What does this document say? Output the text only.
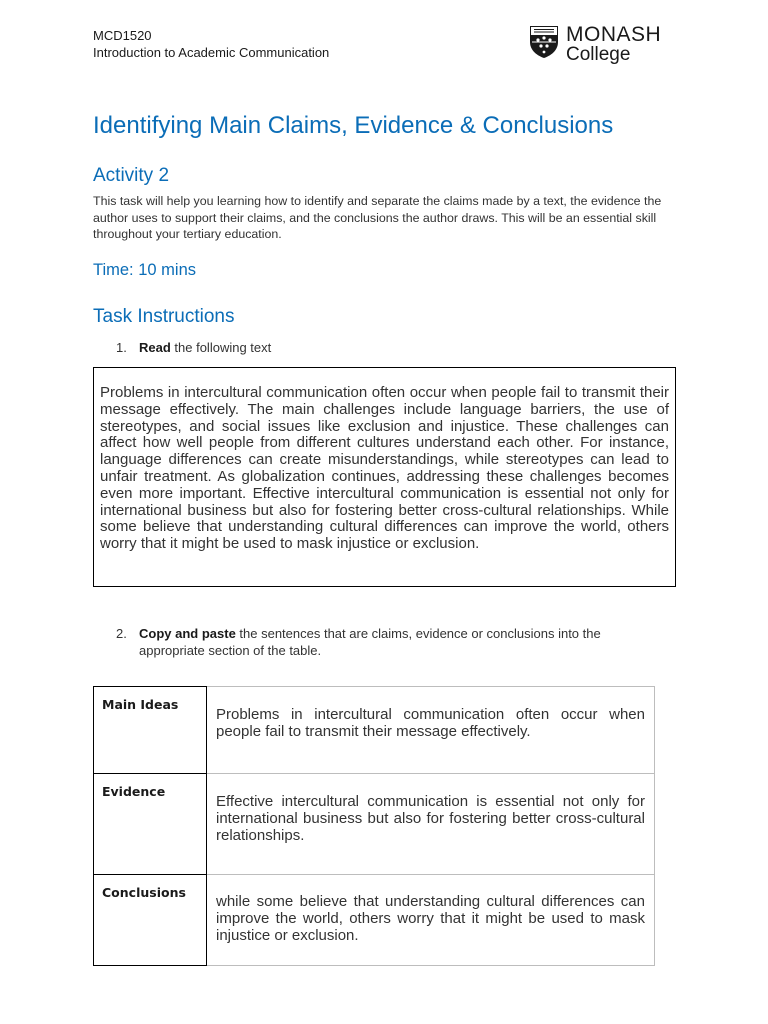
MCD1520
Introduction to Academic Communication
MONASH
College
Identifying Main Claims, Evidence & Conclusions
Activity 2

This task will help you learning how to identify and separate the claims made by a text, the evidence the author uses to support their claims, and the conclusions the author draws. This will be an essential skill throughout your tertiary education.

Time: 10 mins
Task Instructions
1. Read the following text

Problems in intercultural communication often occur when people fail to transmit their message effectively. The main challenges include language barriers, the use of stereotypes, and social issues like exclusion and injustice. These challenges can affect how well people from different cultures understand each other. For instance, language differences can create misunderstandings, while stereotypes can lead to unfair treatment. As globalization continues, addressing these challenges becomes even more important. Effective intercultural communication is essential not only for international business but also for fostering better cross-cultural relationships. While some believe that understanding cultural differences can improve the world, others worry that it might be used to mask injustice or exclusion.

2. Copy and paste the sentences that are claims, evidence or conclusions into the appropriate section of the table.
Main Ideas	Problems in intercultural communication often occur when people fail to transmit their message effectively.

Evidence	Effective intercultural communication is essential not only for international business but also for fostering better cross-cultural relationships.

Conclusions	while some believe that understanding cultural differences can improve the world, others worry that it might be used to mask injustice or exclusion.
